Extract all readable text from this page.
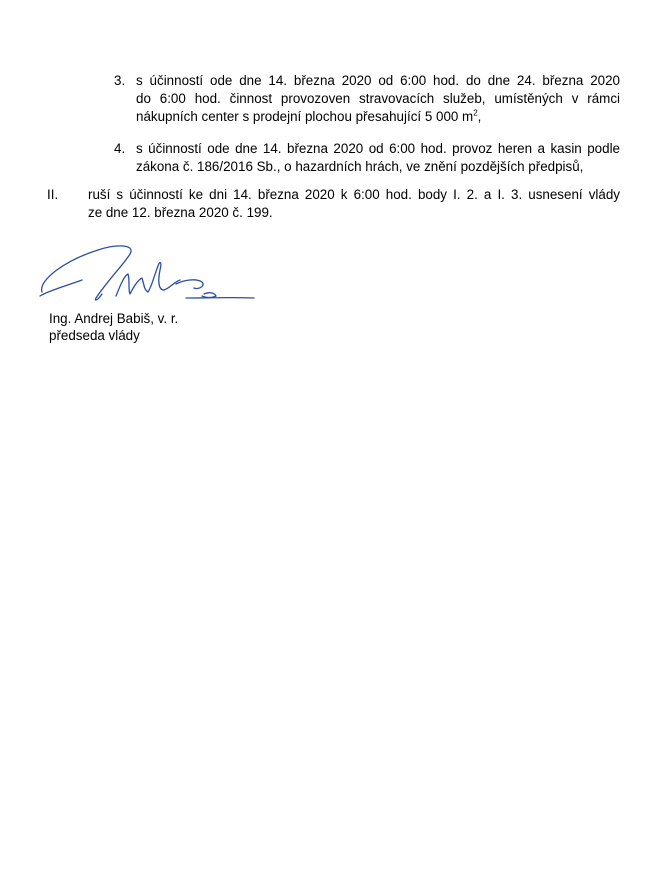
3. s účinností ode dne 14. března 2020 od 6:00 hod. do dne 24. března 2020
do 6:00 hod. činnost provozoven stravovacích služeb, umístěných v rámci
nákupních center s prodejní plochou přesahující 5 000 $m^2$,
4. s účinností ode dne 14. března 2020 od 6:00 hod. provoz heren a kasin podle
zákona č. 186/2016 Sb., o hazardních hrách, ve znění pozdějších předpisů,
II. ruší s účinností ke dni 14. března 2020 k 6:00 hod. body I. 2. a I. 3. usnesení vlády
ze dne 12. března 2020 č. 199.
Ing. Andrej Babiš, v. r.
předseda vlády
